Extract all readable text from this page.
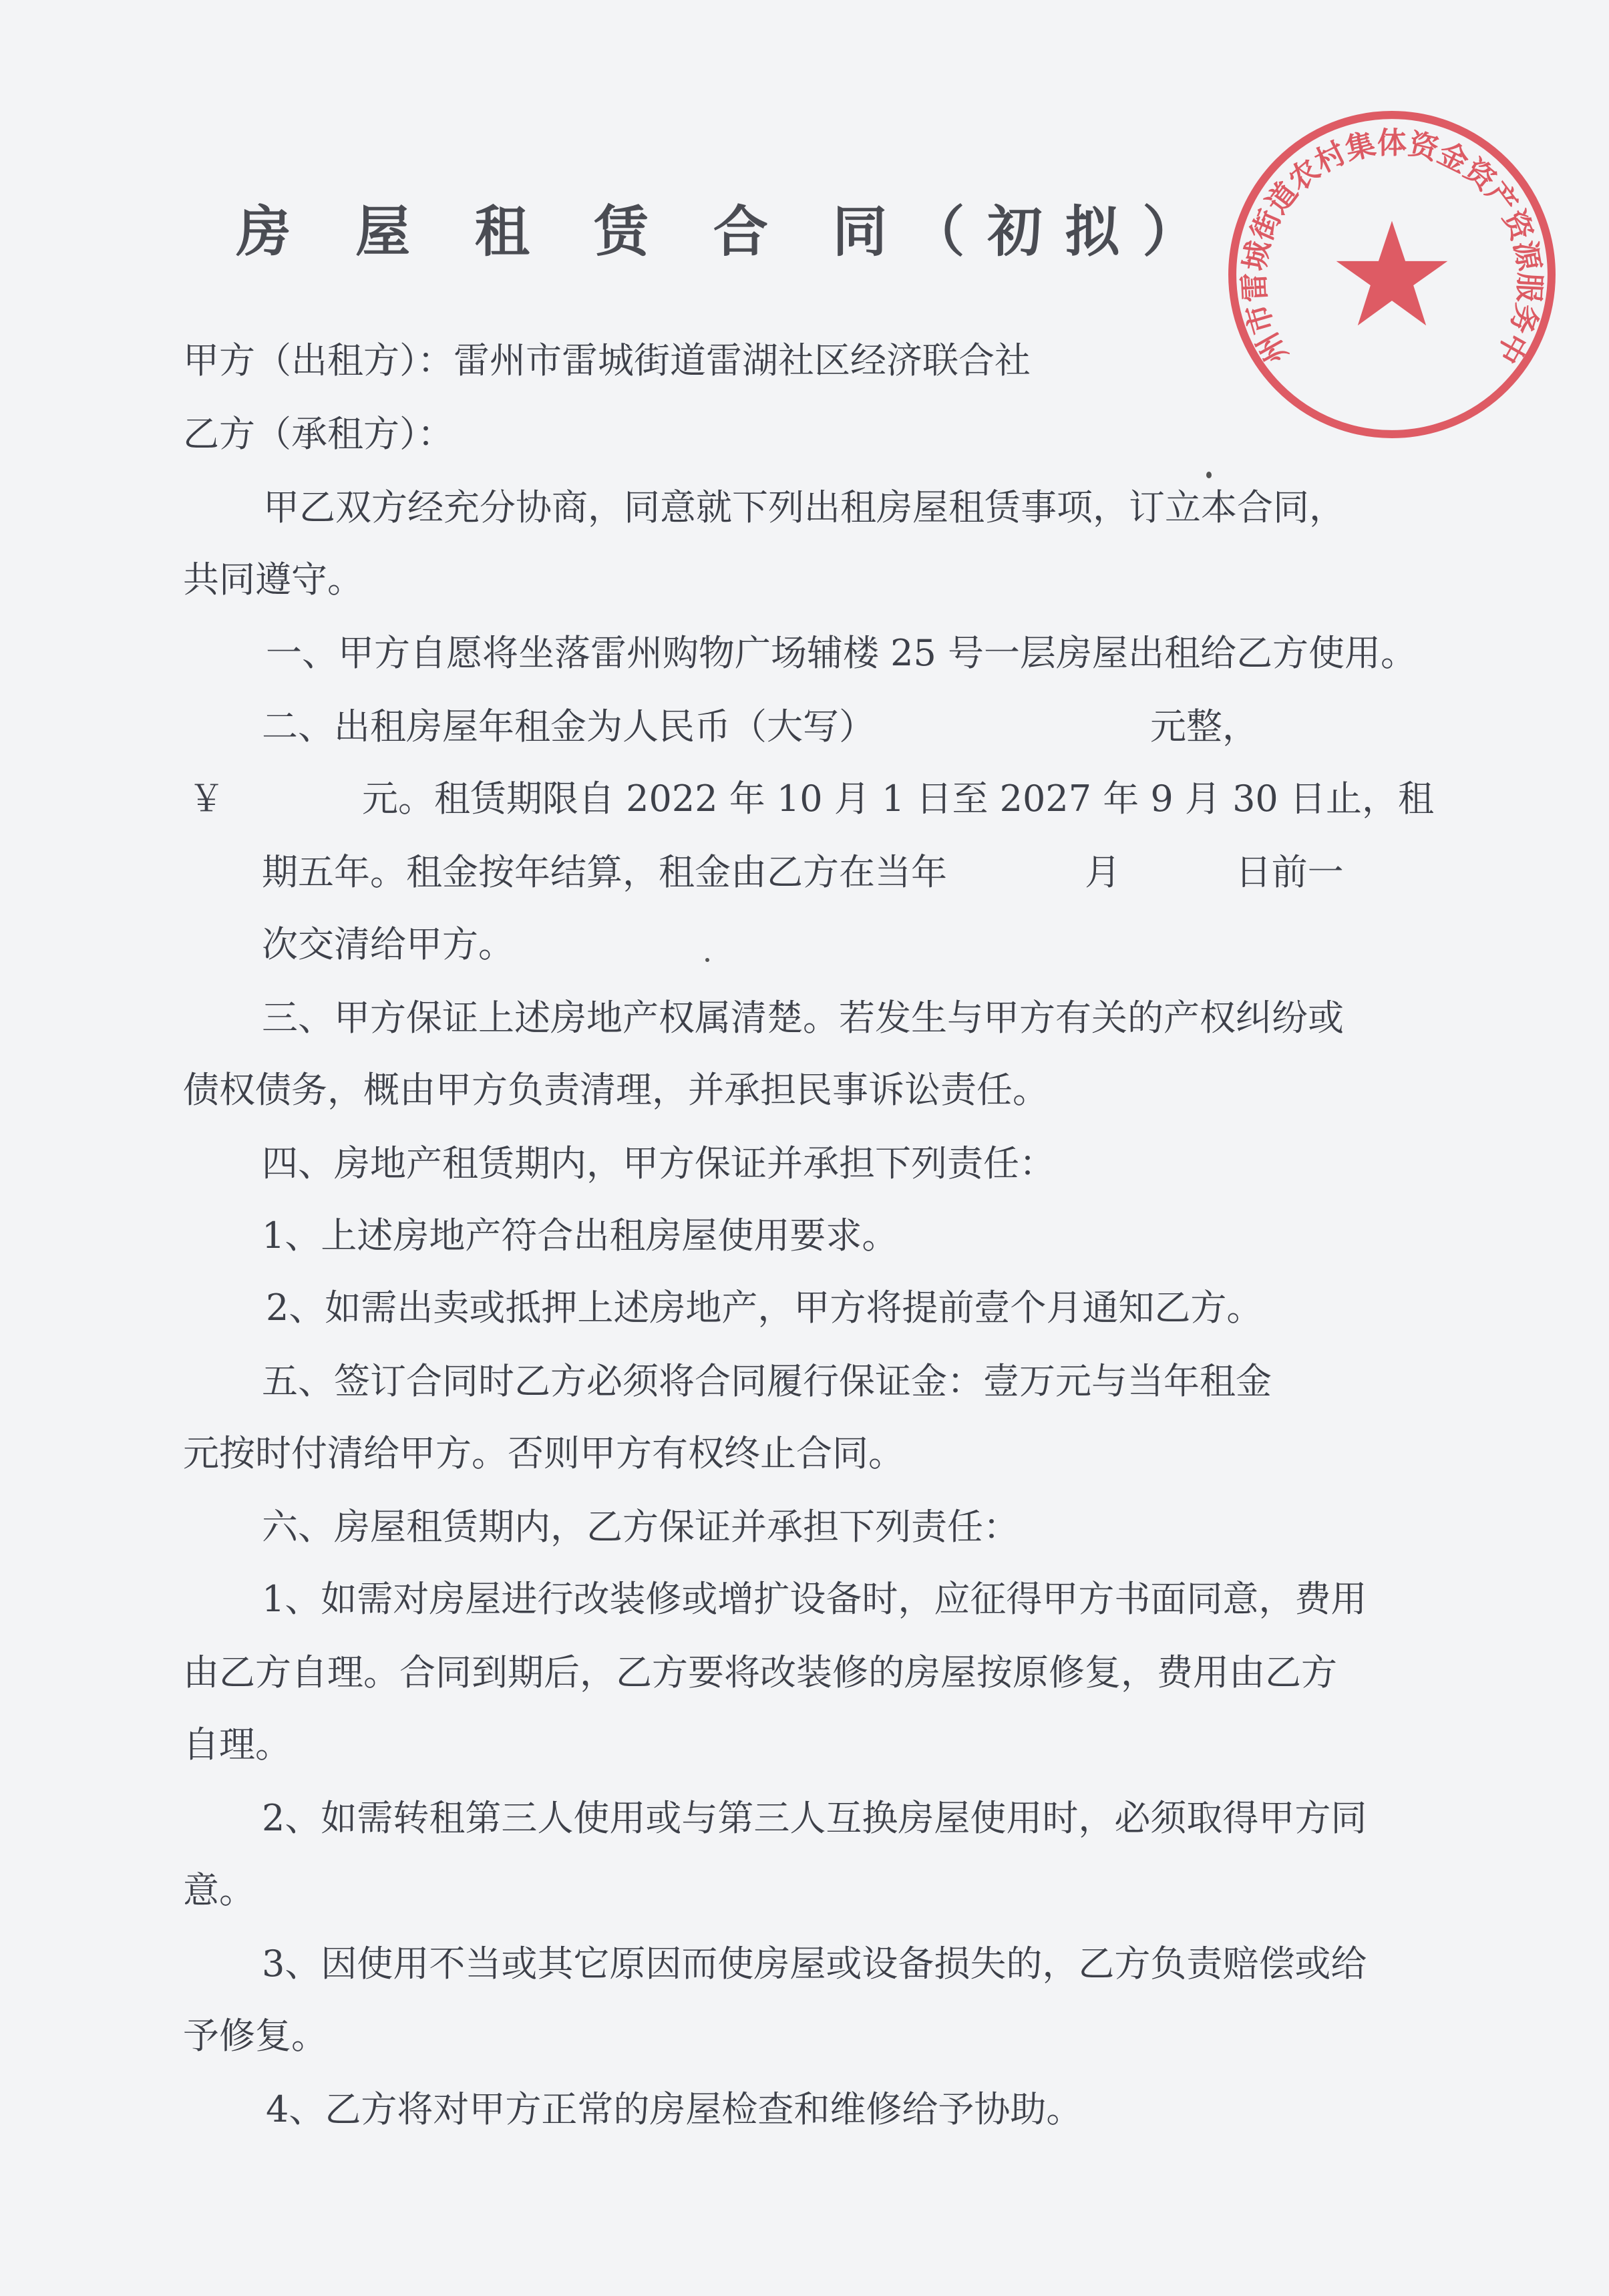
房 屋 租 赁 合 同（初拟）
甲方（出租方）：雷州市雷城街道雷湖社区经济联合社
乙方（承租方）：
甲乙双方经充分协商，同意就下列出租房屋租赁事项，订立本合同，
共同遵守。
一、甲方自愿将坐落雷州购物广场辅楼 25 号一层房屋出租给乙方使用。
二、出租房屋年租金为人民币（大写）                        元整，
￥            元。租赁期限自 2022 年 10 月 1 日至 2027 年 9 月 30 日止，租
期五年。租金按年结算，租金由乙方在当年            月          日前一
次交清给甲方。
三、甲方保证上述房地产权属清楚。若发生与甲方有关的产权纠纷或
债权债务，概由甲方负责清理，并承担民事诉讼责任。
四、房地产租赁期内，甲方保证并承担下列责任：
1、上述房地产符合出租房屋使用要求。
2、如需出卖或抵押上述房地产，甲方将提前壹个月通知乙方。
五、签订合同时乙方必须将合同履行保证金：壹万元与当年租金
元按时付清给甲方。否则甲方有权终止合同。
六、房屋租赁期内，乙方保证并承担下列责任：
1、如需对房屋进行改装修或增扩设备时，应征得甲方书面同意，费用
由乙方自理。合同到期后，乙方要将改装修的房屋按原修复，费用由乙方
自理。
2、如需转租第三人使用或与第三人互换房屋使用时，必须取得甲方同
意。
3、因使用不当或其它原因而使房屋或设备损失的，乙方负责赔偿或给
予修复。
4、乙方将对甲方正常的房屋检查和维修给予协助。
州市雷城街道农村集体资金资产资源服务中
